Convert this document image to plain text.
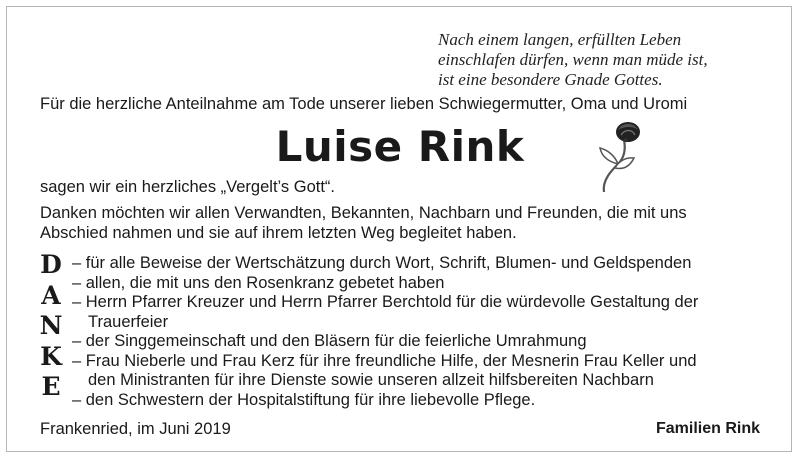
Nach einem langen, erfüllten Leben
einschlafen dürfen, wenn man müde ist,
ist eine besondere Gnade Gottes.
Für die herzliche Anteilnahme am Tode unserer lieben Schwiegermutter, Oma und Uromi
Luise Rink
sagen wir ein herzliches „Vergelt’s Gott“.
Danken möchten wir allen Verwandten, Bekannten, Nachbarn und Freunden, die mit uns
Abschied nahmen und sie auf ihrem letzten Weg begleitet haben.
D
A
N
K
E
– für alle Beweise der Wertschätzung durch Wort, Schrift, Blumen- und Geldspenden
– allen, die mit uns den Rosenkranz gebetet haben
– Herrn Pfarrer Kreuzer und Herrn Pfarrer Berchtold für die würdevolle Gestaltung der
Trauerfeier
– der Singgemeinschaft und den Bläsern für die feierliche Umrahmung
– Frau Nieberle und Frau Kerz für ihre freundliche Hilfe, der Mesnerin Frau Keller und
den Ministranten für ihre Dienste sowie unseren allzeit hilfsbereiten Nachbarn
– den Schwestern der Hospitalstiftung für ihre liebevolle Pflege.
Frankenried, im Juni 2019	Familien Rink
